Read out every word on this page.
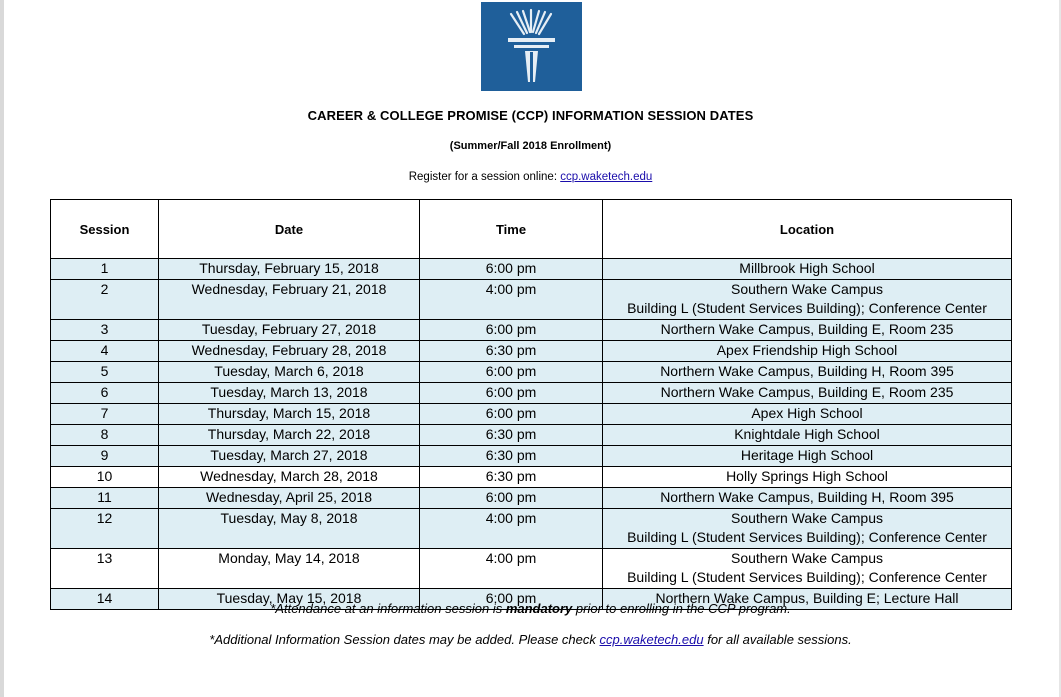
CAREER & COLLEGE PROMISE (CCP) INFORMATION SESSION DATES
(Summer/Fall 2018 Enrollment)
Register for a session online: ccp.waketech.edu
Session	Date	Time	Location
1	Thursday, February 15, 2018	6:00 pm	Millbrook High School

2	Wednesday, February 21, 2018	4:00 pm	Southern Wake Campus
Building L (Student Services Building); Conference Center

3	Tuesday, February 27, 2018	6:00 pm	Northern Wake Campus, Building E, Room 235

4	Wednesday, February 28, 2018	6:30 pm	Apex Friendship High School

5	Tuesday, March 6, 2018	6:00 pm	Northern Wake Campus, Building H, Room 395

6	Tuesday, March 13, 2018	6:00 pm	Northern Wake Campus, Building E, Room 235

7	Thursday, March 15, 2018	6:00 pm	Apex High School

8	Thursday, March 22, 2018	6:30 pm	Knightdale High School

9	Tuesday, March 27, 2018	6:30 pm	Heritage High School

10	Wednesday, March 28, 2018	6:30 pm	Holly Springs High School

11	Wednesday, April 25, 2018	6:00 pm	Northern Wake Campus, Building H, Room 395

12	Tuesday, May 8, 2018	4:00 pm	Southern Wake Campus
Building L (Student Services Building); Conference Center

13	Monday, May 14, 2018	4:00 pm	Southern Wake Campus
Building L (Student Services Building); Conference Center

14	Tuesday, May 15, 2018	6:00 pm	Northern Wake Campus, Building E; Lecture Hall
*Attendance at an information session is mandatory prior to enrolling in the CCP program.
*Additional Information Session dates may be added. Please check ccp.waketech.edu for all available sessions.
